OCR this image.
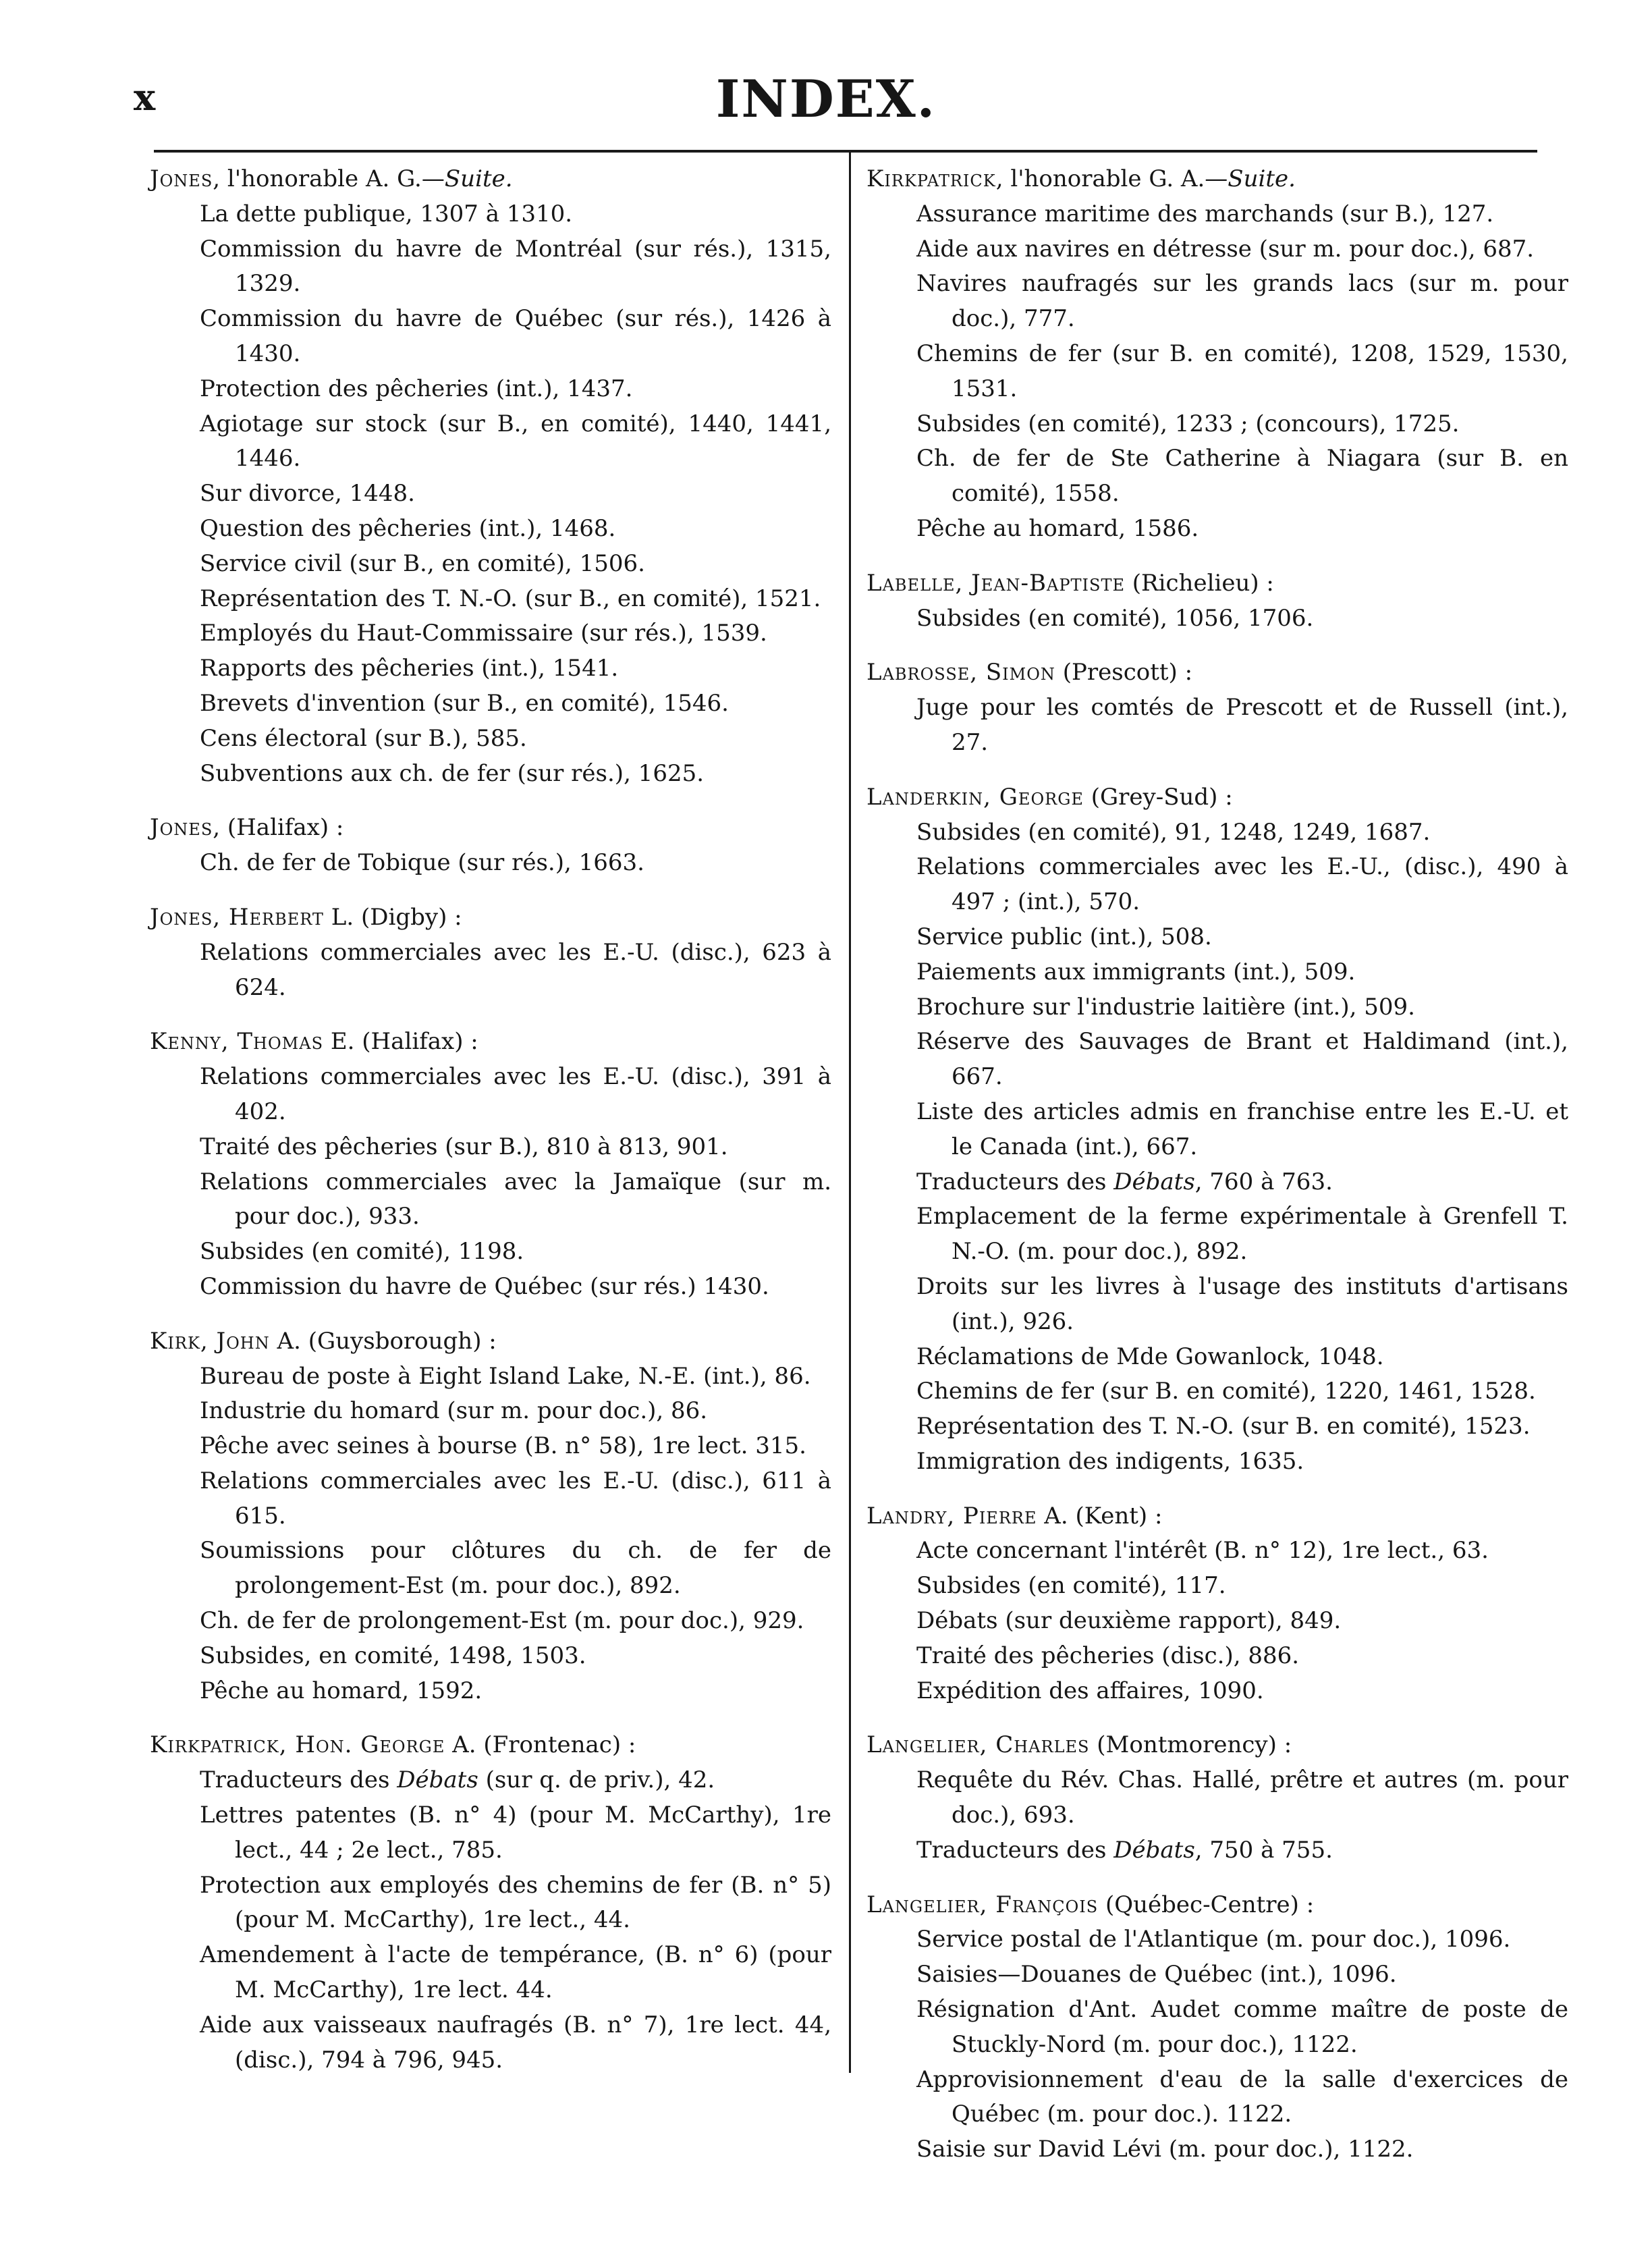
x	INDEX.
Jones, l'honorable A. G.—Suite.
La dette publique, 1307 à 1310.
Commission du havre de Montréal (sur rés.), 1315, 1329.
Commission du havre de Québec (sur rés.), 1426 à 1430.
Protection des pêcheries (int.), 1437.
Agiotage sur stock (sur B., en comité), 1440, 1441, 1446.
Sur divorce, 1448.
Question des pêcheries (int.), 1468.
Service civil (sur B., en comité), 1506.
Représentation des T. N.-O. (sur B., en comité), 1521.
Employés du Haut-Commissaire (sur rés.), 1539.
Rapports des pêcheries (int.), 1541.
Brevets d'invention (sur B., en comité), 1546.
Cens électoral (sur B.), 585.
Subventions aux ch. de fer (sur rés.), 1625.
Jones, (Halifax) :
Ch. de fer de Tobique (sur rés.), 1663.
Jones, Herbert L. (Digby) :
Relations commerciales avec les E.-U. (disc.), 623 à 624.
Kenny, Thomas E. (Halifax) :
Relations commerciales avec les E.-U. (disc.), 391 à 402.
Traité des pêcheries (sur B.), 810 à 813, 901.
Relations commerciales avec la Jamaïque (sur m. pour doc.), 933.
Subsides (en comité), 1198.
Commission du havre de Québec (sur rés.) 1430.
Kirk, John A. (Guysborough) :
Bureau de poste à Eight Island Lake, N.-E. (int.), 86.
Industrie du homard (sur m. pour doc.), 86.
Pêche avec seines à bourse (B. n° 58), 1re lect. 315.
Relations commerciales avec les E.-U. (disc.), 611 à 615.
Soumissions pour clôtures du ch. de fer de prolongement-Est (m. pour doc.), 892.
Ch. de fer de prolongement-Est (m. pour doc.), 929.
Subsides, en comité, 1498, 1503.
Pêche au homard, 1592.
Kirkpatrick, Hon. George A. (Frontenac) :
Traducteurs des Débats (sur q. de priv.), 42.
Lettres patentes (B. n° 4) (pour M. McCarthy), 1re lect., 44 ; 2e lect., 785.
Protection aux employés des chemins de fer (B. n° 5) (pour M. McCarthy), 1re lect., 44.
Amendement à l'acte de tempérance, (B. n° 6) (pour M. McCarthy), 1re lect. 44.
Aide aux vaisseaux naufragés (B. n° 7), 1re lect. 44, (disc.), 794 à 796, 945.
Kirkpatrick, l'honorable G. A.—Suite.
Assurance maritime des marchands (sur B.), 127.
Aide aux navires en détresse (sur m. pour doc.), 687.
Navires naufragés sur les grands lacs (sur m. pour doc.), 777.
Chemins de fer (sur B. en comité), 1208, 1529, 1530, 1531.
Subsides (en comité), 1233 ; (concours), 1725.
Ch. de fer de Ste Catherine à Niagara (sur B. en comité), 1558.
Pêche au homard, 1586.
Labelle, Jean-Baptiste (Richelieu) :
Subsides (en comité), 1056, 1706.
Labrosse, Simon (Prescott) :
Juge pour les comtés de Prescott et de Russell (int.), 27.
Landerkin, George (Grey-Sud) :
Subsides (en comité), 91, 1248, 1249, 1687.
Relations commerciales avec les E.-U., (disc.), 490 à 497 ; (int.), 570.
Service public (int.), 508.
Paiements aux immigrants (int.), 509.
Brochure sur l'industrie laitière (int.), 509.
Réserve des Sauvages de Brant et Haldimand (int.), 667.
Liste des articles admis en franchise entre les E.-U. et le Canada (int.), 667.
Traducteurs des Débats, 760 à 763.
Emplacement de la ferme expérimentale à Grenfell T. N.-O. (m. pour doc.), 892.
Droits sur les livres à l'usage des instituts d'artisans (int.), 926.
Réclamations de Mde Gowanlock, 1048.
Chemins de fer (sur B. en comité), 1220, 1461, 1528.
Représentation des T. N.-O. (sur B. en comité), 1523.
Immigration des indigents, 1635.
Landry, Pierre A. (Kent) :
Acte concernant l'intérêt (B. n° 12), 1re lect., 63.
Subsides (en comité), 117.
Débats (sur deuxième rapport), 849.
Traité des pêcheries (disc.), 886.
Expédition des affaires, 1090.
Langelier, Charles (Montmorency) :
Requête du Rév. Chas. Hallé, prêtre et autres (m. pour doc.), 693.
Traducteurs des Débats, 750 à 755.
Langelier, François (Québec-Centre) :
Service postal de l'Atlantique (m. pour doc.), 1096.
Saisies—Douanes de Québec (int.), 1096.
Résignation d'Ant. Audet comme maître de poste de Stuckly-Nord (m. pour doc.), 1122.
Approvisionnement d'eau de la salle d'exercices de Québec (m. pour doc.). 1122.
Saisie sur David Lévi (m. pour doc.), 1122.
